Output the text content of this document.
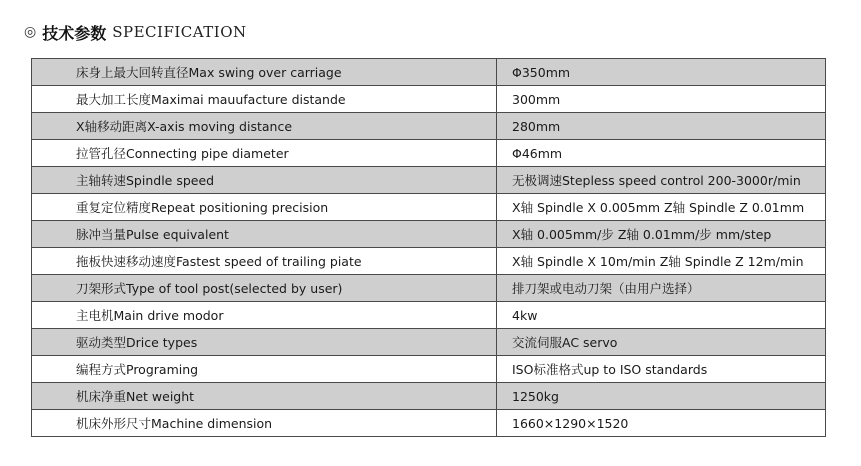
◎ 技术参数 SPECIFICATION
床身上最大回转直径Max swing over carriage	Φ350mm
最大加工长度Maximai mauufacture distande	300mm
X轴移动距离X-axis moving distance	280mm
拉管孔径Connecting pipe diameter	Φ46mm
主轴转速Spindle speed	无极调速Stepless speed control 200-3000r/min
重复定位精度Repeat positioning precision	X轴 Spindle X 0.005mm Z轴 Spindle Z 0.01mm
脉冲当量Pulse equivalent	X轴 0.005mm/步 Z轴 0.01mm/步 mm/step
拖板快速移动速度Fastest speed of trailing piate	X轴 Spindle X 10m/min Z轴 Spindle Z 12m/min
刀架形式Type of tool post(selected by user)	排刀架或电动刀架（由用户选择）
主电机Main drive modor	4kw
驱动类型Drice types	交流伺服AC servo
编程方式Programing	ISO标准格式up to ISO standards
机床净重Net weight	1250kg
机床外形尺寸Machine dimension	1660×1290×1520
